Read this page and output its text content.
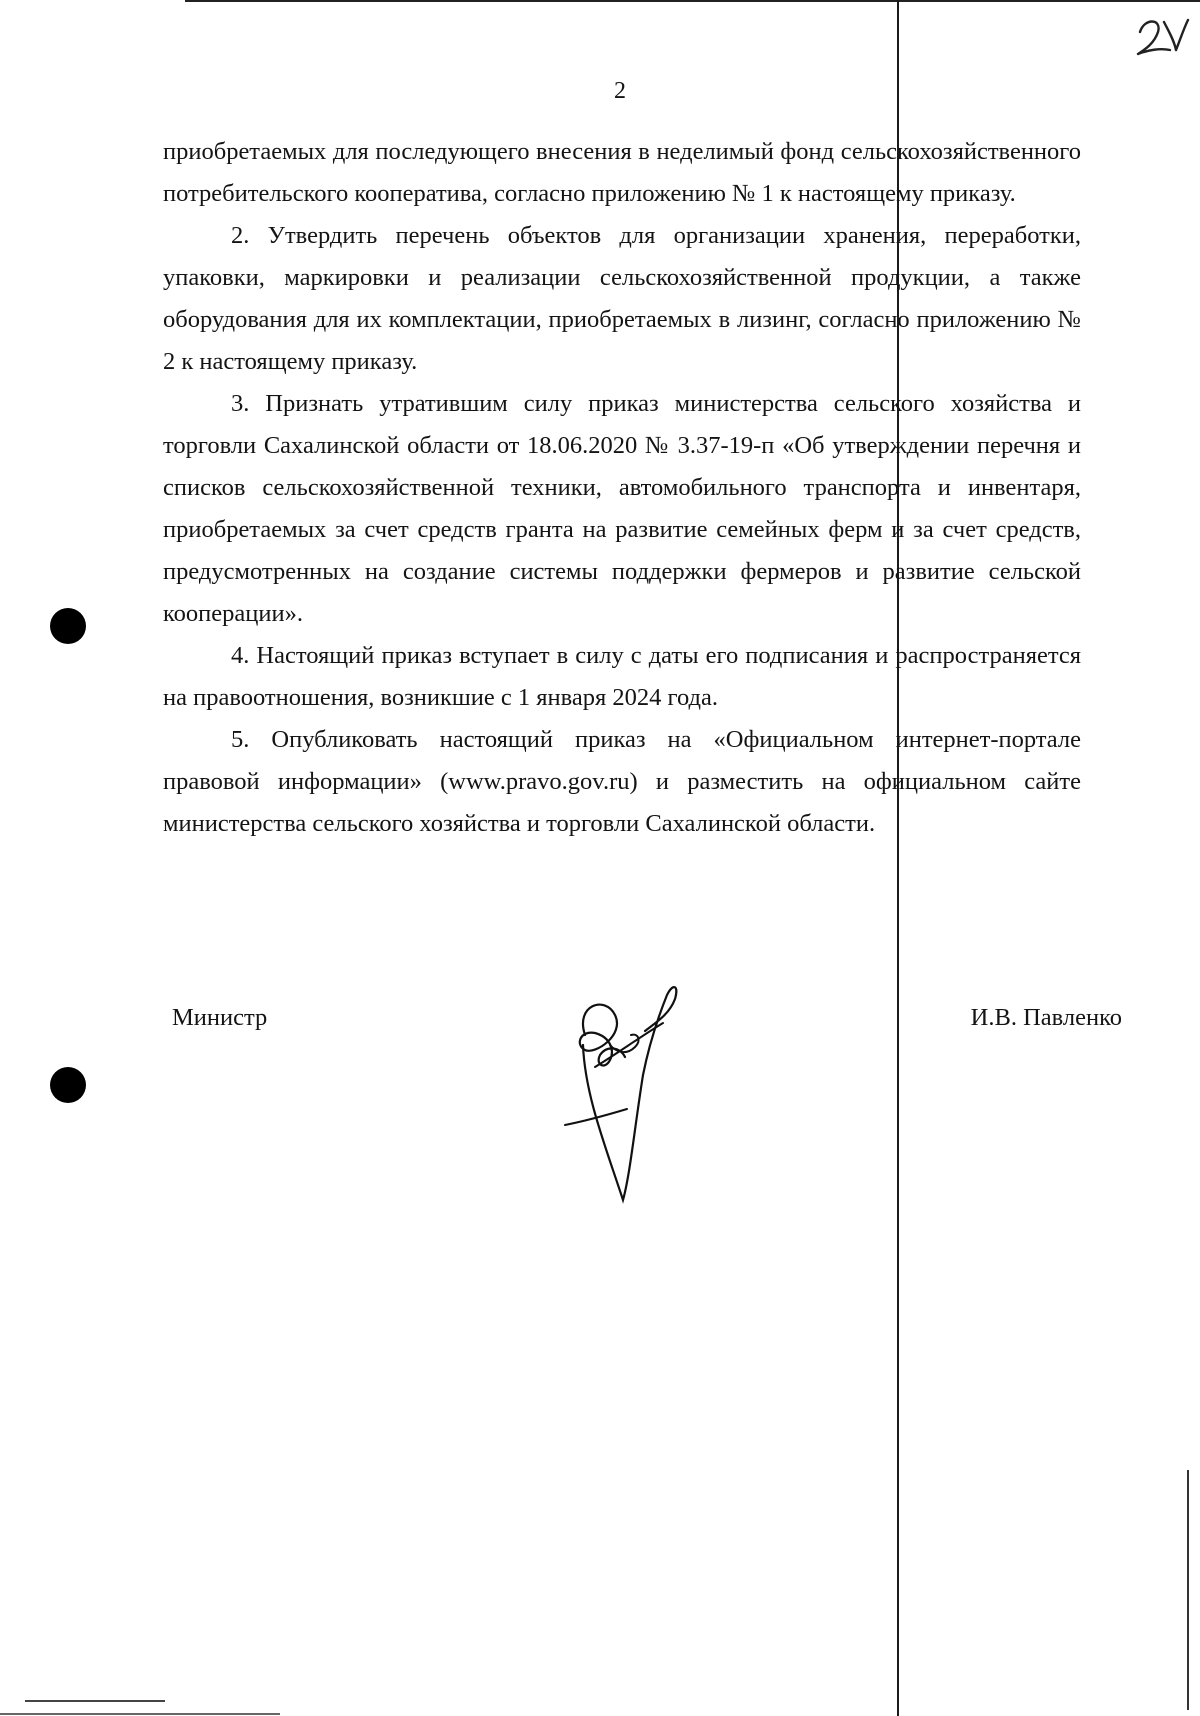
2

приобретаемых для последующего внесения в неделимый фонд сельскохозяйственного потребительского кооператива, согласно приложению № 1 к настоящему приказу.

2. Утвердить перечень объектов для организации хранения, переработки, упаковки, маркировки и реализации сельскохозяйственной продукции, а также оборудования для их комплектации, приобретаемых в лизинг, согласно приложению № 2 к настоящему приказу.

3. Признать утратившим силу приказ министерства сельского хозяйства и торговли Сахалинской области от 18.06.2020 № 3.37-19-п «Об утверждении перечня и списков сельскохозяйственной техники, автомобильного транспорта и инвентаря, приобретаемых за счет средств гранта на развитие семейных ферм и за счет средств, предусмотренных на создание системы поддержки фермеров и развитие сельской кооперации».

4. Настоящий приказ вступает в силу с даты его подписания и распространяется на правоотношения, возникшие с 1 января 2024 года.

5. Опубликовать настоящий приказ на «Официальном интернет-портале правовой информации» (www.pravo.gov.ru) и разместить на официальном сайте министерства сельского хозяйства и торговли Сахалинской области.

Министр	И.В. Павленко
